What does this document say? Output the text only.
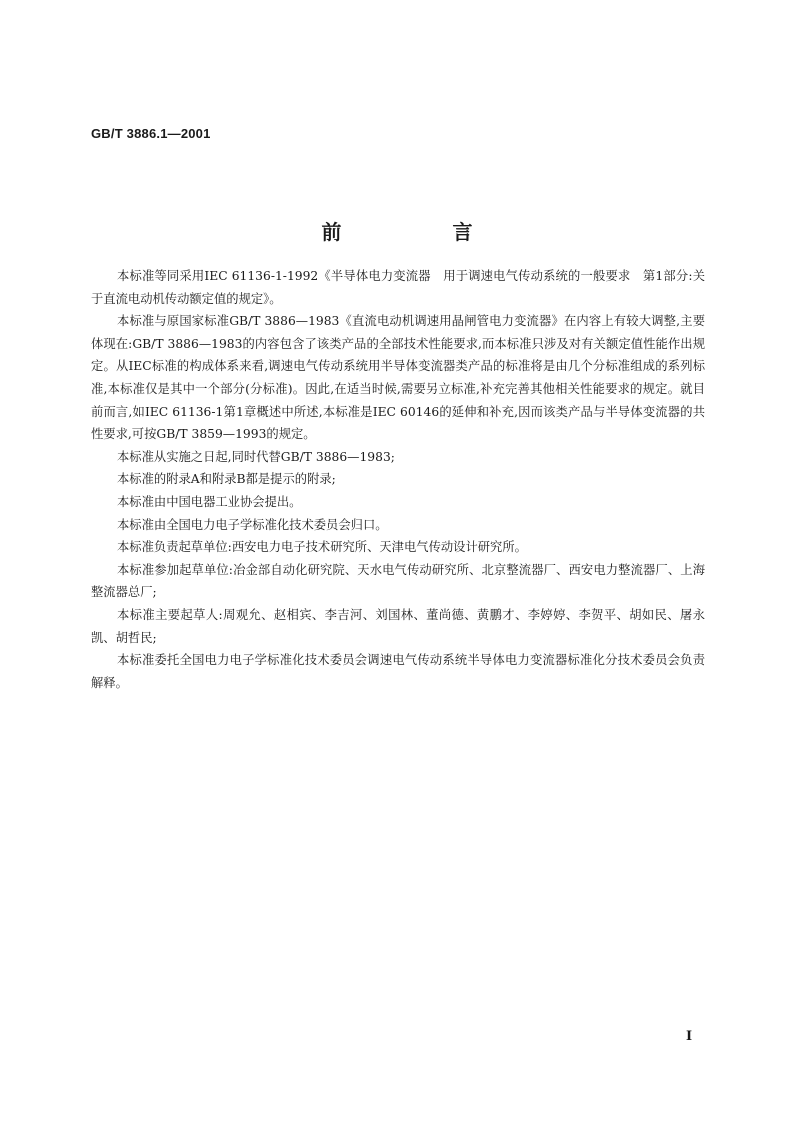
GB/T 3886.1—2001
前 言

本标准等同采用IEC 61136-1-1992《半导体电力变流器　用于调速电气传动系统的一般要求　第1部分:关于直流电动机传动额定值的规定》。

本标准与原国家标准GB/T 3886—1983《直流电动机调速用晶闸管电力变流器》在内容上有较大调整,主要体现在:GB/T 3886—1983的内容包含了该类产品的全部技术性能要求,而本标准只涉及对有关额定值性能作出规定。从IEC标准的构成体系来看,调速电气传动系统用半导体变流器类产品的标准将是由几个分标准组成的系列标准,本标准仅是其中一个部分(分标准)。因此,在适当时候,需要另立标准,补充完善其他相关性能要求的规定。就目前而言,如IEC 61136-1第1章概述中所述,本标准是IEC 60146的延伸和补充,因而该类产品与半导体变流器的共性要求,可按GB/T 3859—1993的规定。

本标准从实施之日起,同时代替GB/T 3886—1983;

本标准的附录A和附录B都是提示的附录;

本标准由中国电器工业协会提出。

本标准由全国电力电子学标准化技术委员会归口。

本标准负责起草单位:西安电力电子技术研究所、天津电气传动设计研究所。

本标准参加起草单位:冶金部自动化研究院、天水电气传动研究所、北京整流器厂、西安电力整流器厂、上海整流器总厂;

本标准主要起草人:周观允、赵相宾、李吉河、刘国林、董尚德、黄鹏才、李婷婷、李贺平、胡如民、屠永凯、胡哲民;

本标准委托全国电力电子学标准化技术委员会调速电气传动系统半导体电力变流器标准化分技术委员会负责解释。

I
